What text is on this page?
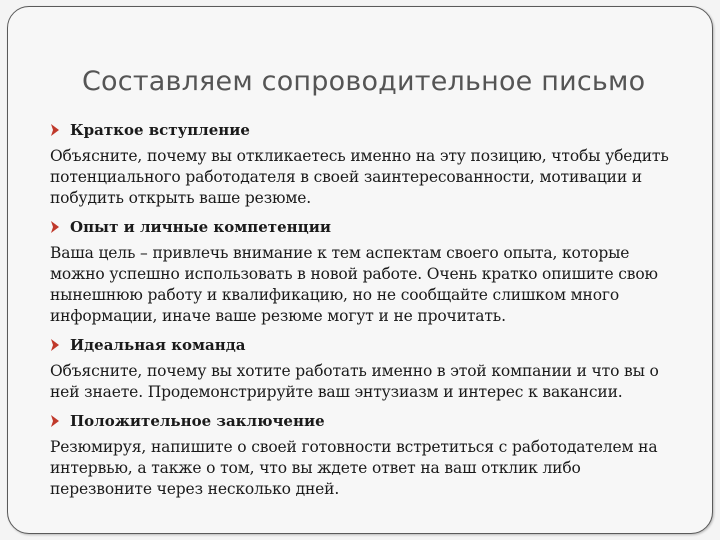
Составляем сопроводительное письмо
Краткое вступление
Объясните, почему вы откликаетесь именно на эту позицию, чтобы убедить
потенциального работодателя в своей заинтересованности, мотивации и
побудить открыть ваше резюме.
Опыт и личные компетенции
Ваша цель – привлечь внимание к тем аспектам своего опыта, которые
можно успешно использовать в новой работе. Очень кратко опишите свою
нынешнюю работу и квалификацию, но не сообщайте слишком много
информации, иначе ваше резюме могут и не прочитать.
Идеальная команда
Объясните, почему вы хотите работать именно в этой компании и что вы о
ней знаете. Продемонстрируйте ваш энтузиазм и интерес к вакансии.
Положительное заключение
Резюмируя, напишите о своей готовности встретиться с работодателем на
интервью, а также о том, что вы ждете ответ на ваш отклик либо
перезвоните через несколько дней.
